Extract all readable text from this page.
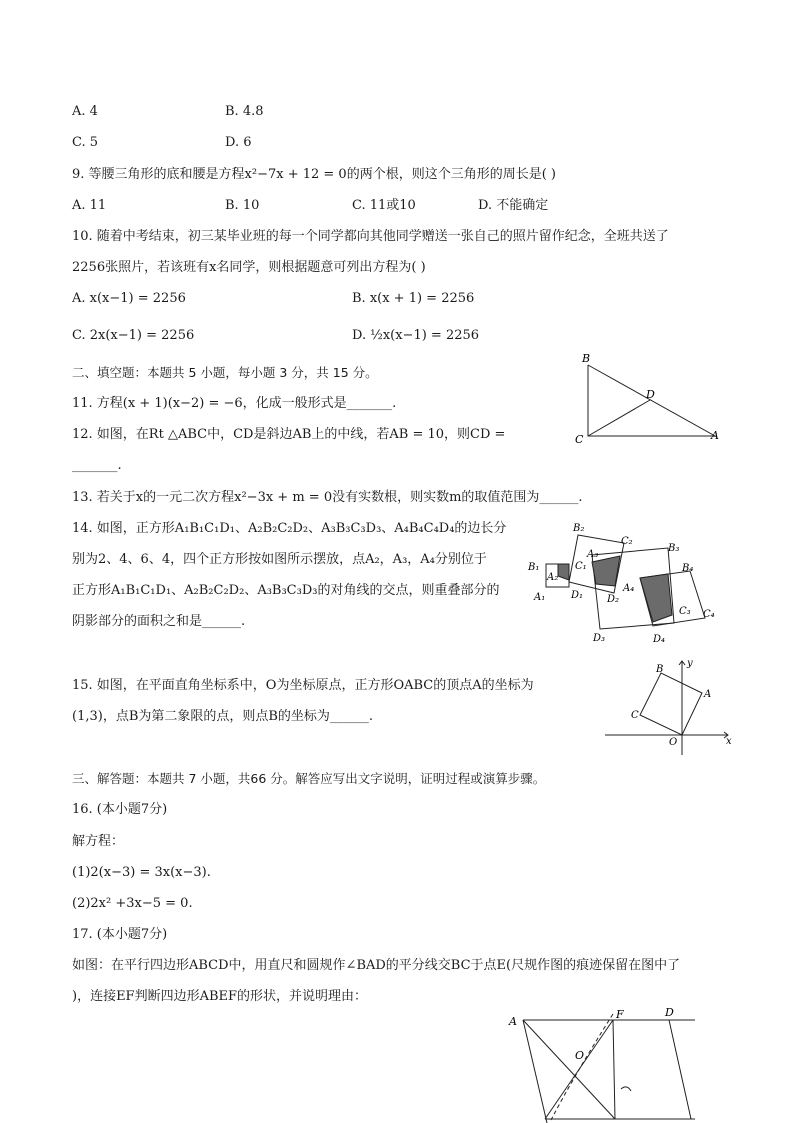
A. 4	B. 4.8
C. 5	D. 6
9. 等腰三角形的底和腰是方程x²−7x + 12 = 0的两个根，则这个三角形的周长是( )
A. 11	B. 10	C. 11或10	D. 不能确定
10. 随着中考结束，初三某毕业班的每一个同学都向其他同学赠送一张自己的照片留作纪念，全班共送了
2256张照片，若该班有x名同学，则根据题意可列出方程为( )
A. x(x−1) = 2256	B. x(x + 1) = 2256
C. 2x(x−1) = 2256	D. ½x(x−1) = 2256
二、填空题：本题共 5 小题，每小题 3 分，共 15 分。
11. 方程(x + 1)(x−2) = −6，化成一般形式是_______.
12. 如图，在Rt △ABC中，CD是斜边AB上的中线，若AB = 10，则CD =
_______.
13. 若关于x的一元二次方程x²−3x + m = 0没有实数根，则实数m的取值范围为______.
14. 如图，正方形A₁B₁C₁D₁、A₂B₂C₂D₂、A₃B₃C₃D₃、A₄B₄C₄D₄的边长分
别为2、4、6、4，四个正方形按如图所示摆放，点A₂，A₃，A₄分别位于
正方形A₁B₁C₁D₁、A₂B₂C₂D₂、A₃B₃C₃D₃的对角线的交点，则重叠部分的
阴影部分的面积之和是______.
15. 如图，在平面直角坐标系中，O为坐标原点，正方形OABC的顶点A的坐标为
(1,3)，点B为第二象限的点，则点B的坐标为______.
三、解答题：本题共 7 小题，共66 分。解答应写出文字说明，证明过程或演算步骤。
16. (本小题7分)
解方程：
(1)2(x−3) = 3x(x−3).
(2)2x² +3x−5 = 0.
17. (本小题7分)
如图：在平行四边形ABCD中，用直尺和圆规作∠BAD的平分线交BC于点E(尺规作图的痕迹保留在图中了
)，连接EF判断四边形ABEF的形状，并说明理由：
B
C	A
D
B₁
A₁
A₂
C₁
D₁
B₂
C₂
A₃
D₂
B₃
A₄
C₃
D₃
B₄
C₄
D₄
B
A
C
O	x
y
A
F	D
O
